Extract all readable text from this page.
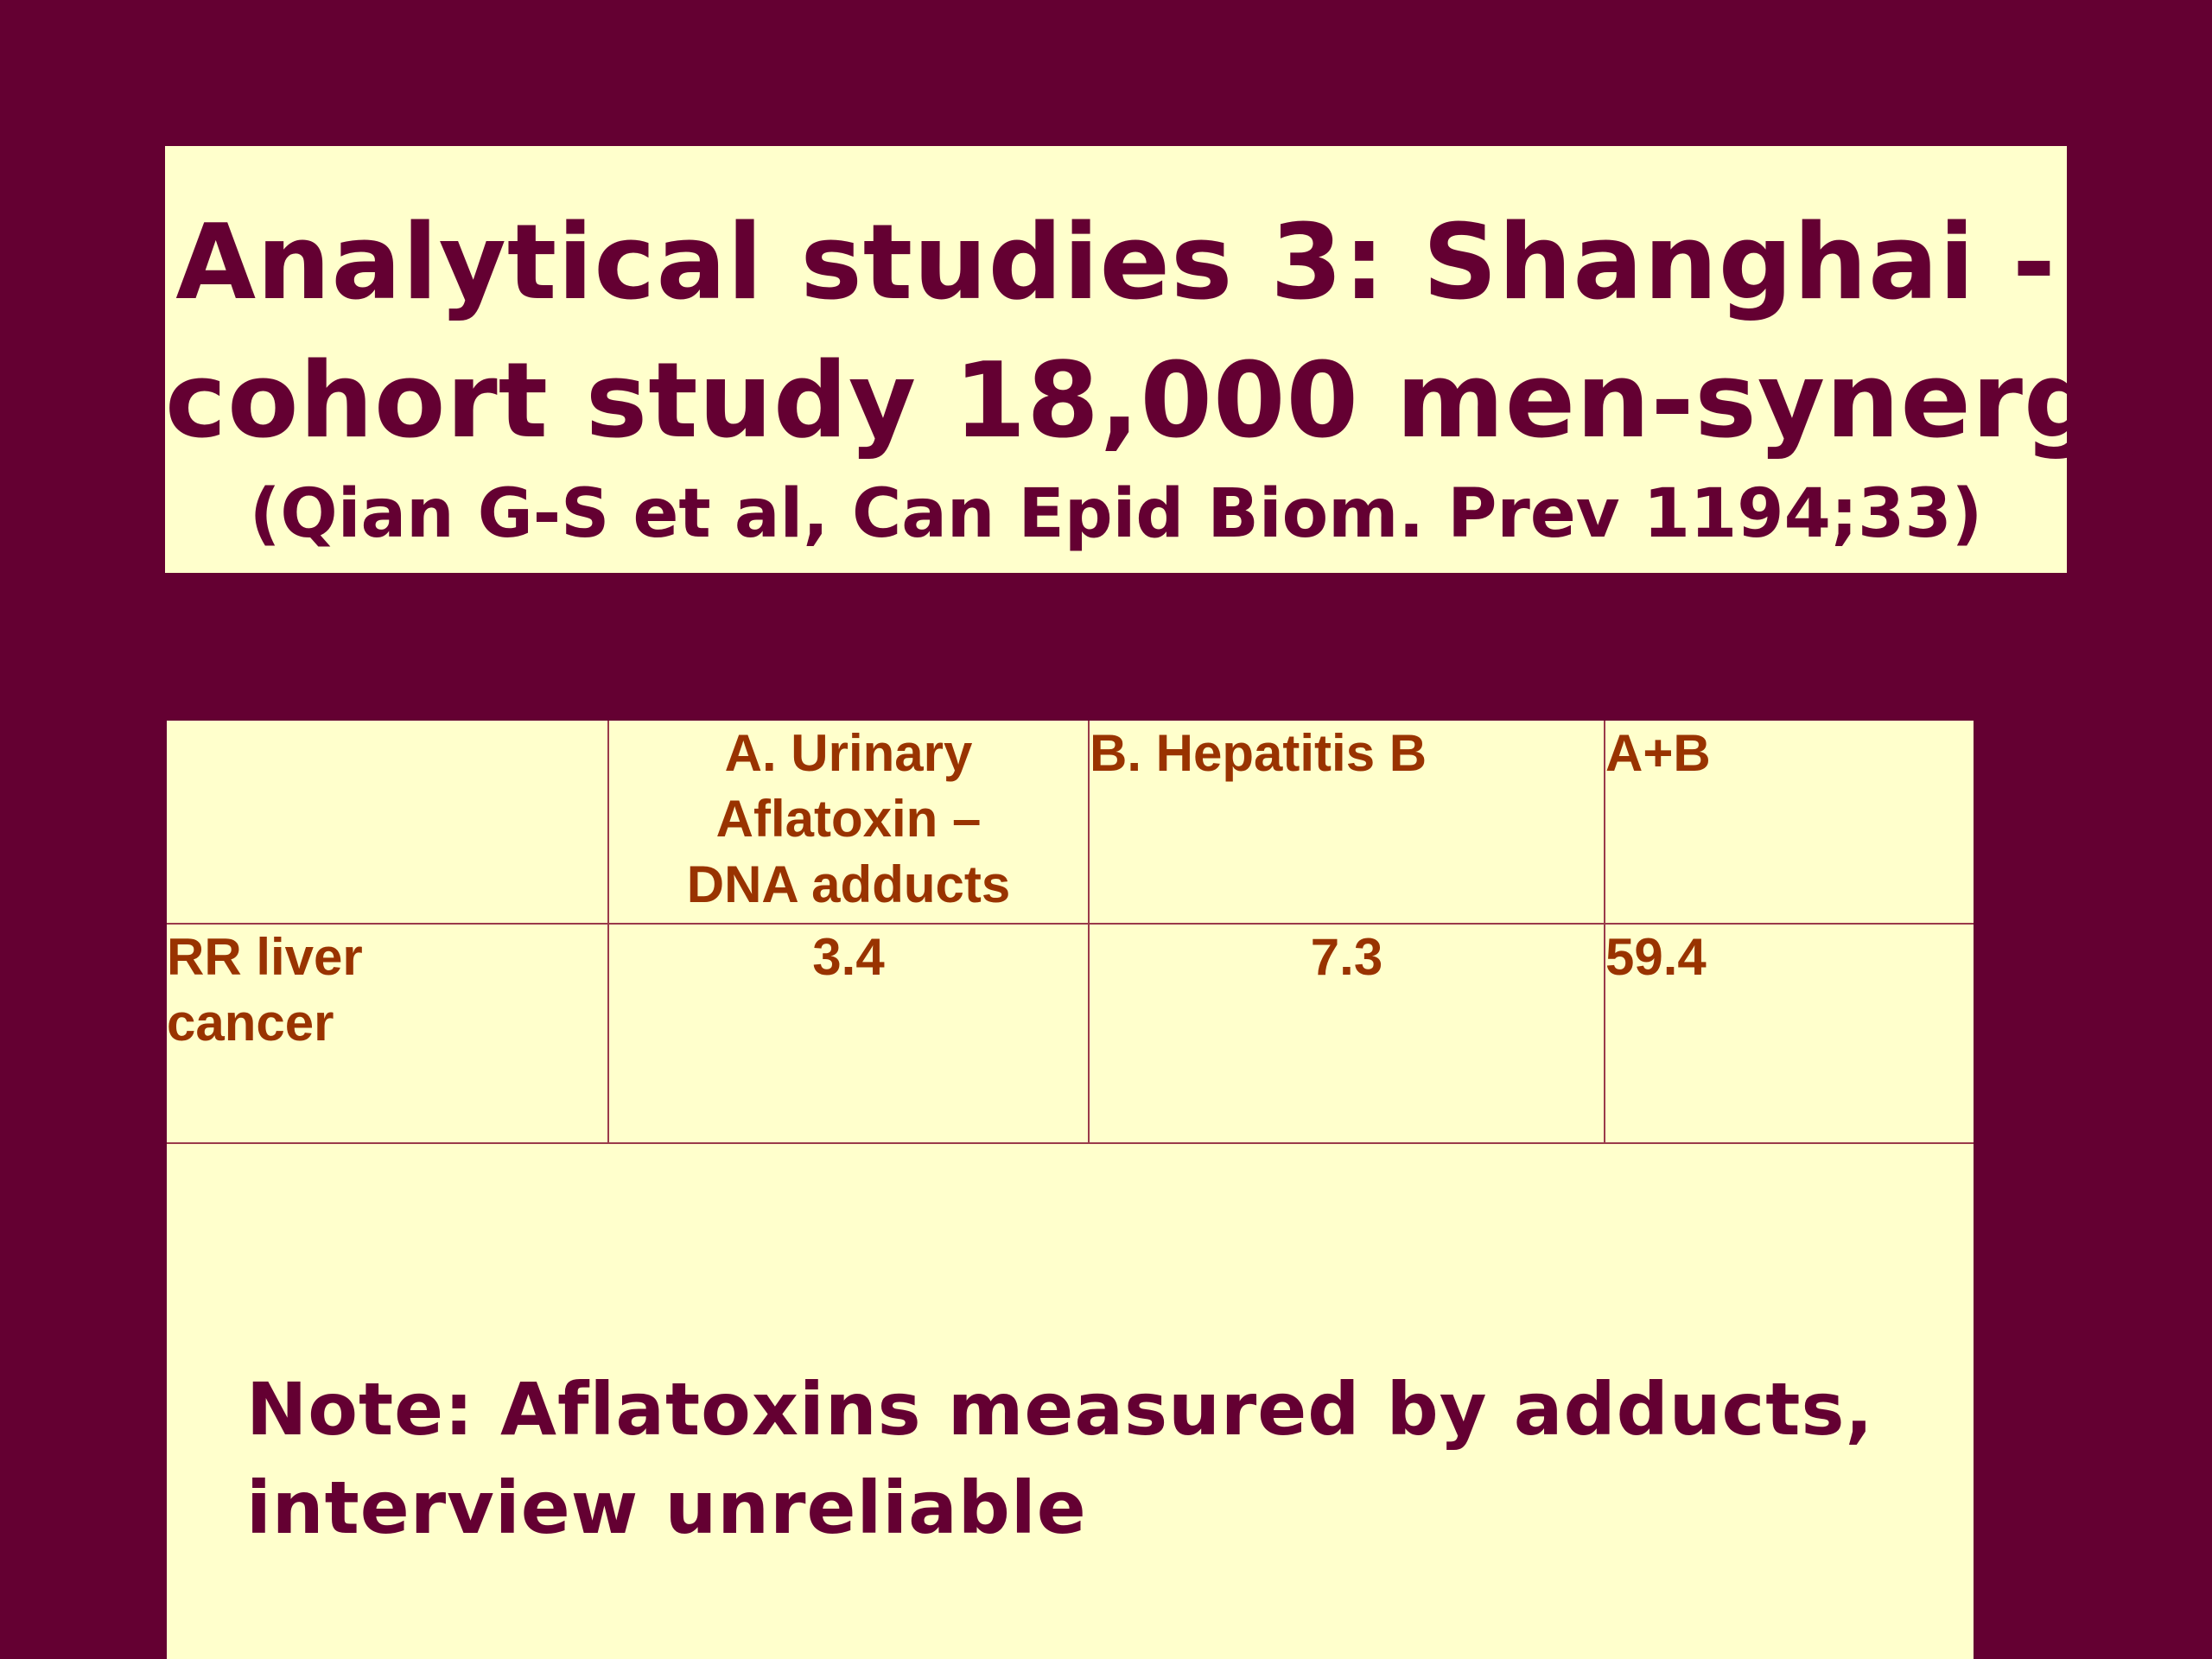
Analytical studies 3: Shanghai -
cohort study 18,000 men-synergy
(Qian G-S et al, Can Epid Biom. Prev 1194;33)

	A. Urinary
Aflatoxin –
DNA adducts	B. Hepatitis B	A+B

RR liver
cancer	3.4	7.3	59.4
Note: Aflatoxins measured by adducts,
interview unreliable
